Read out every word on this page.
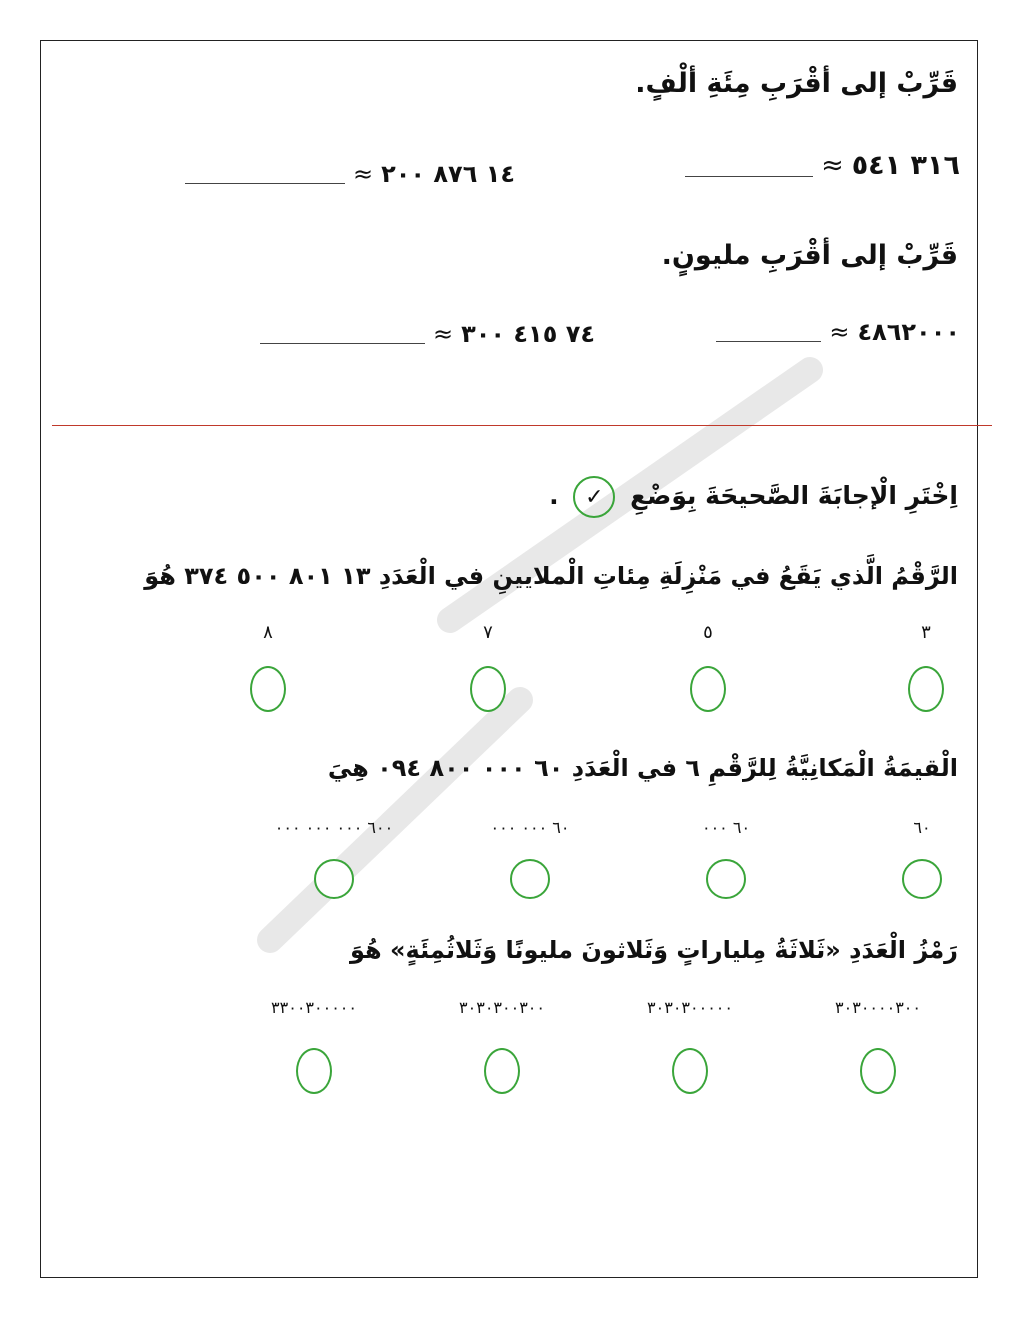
قَرِّبْ إلى أقْرَبِ مِئَةِ ألْفٍ.
≈ ٣١٦ ٥٤١
≈ ١٤ ٨٧٦ ٢٠٠
قَرِّبْ إلى أقْرَبِ مليونٍ.
≈ ٤٨٦٢٠٠٠
≈ ٧٤ ٤١٥ ٣٠٠
اِخْتَرِ الْإجابَةَ الصَّحيحَةَ بِوَضْعِ
✓
.
الرَّقْمُ الَّذي يَقَعُ في مَنْزِلَةِ مِئاتِ الْملايينِ في الْعَدَدِ ١٣ ٨٠١ ٥٠٠ ٣٧٤ هُوَ
٣
٥
٧
٨
الْقيمَةُ الْمَكانِيَّةُ لِلرَّقْمِ ٦ في الْعَدَدِ ٦٠ ٠٠٠ ٨٠٠ ٠٩٤ هِيَ
٦٠
٦٠ ٠٠٠
٦٠ ٠٠٠ ٠٠٠
٦٠٠ ٠٠٠ ٠٠٠ ٠٠٠
رَمْزُ الْعَدَدِ «ثَلاثَةُ مِلياراتٍ وَثَلاثونَ مليونًا وَثَلاثُمِئَةٍ» هُوَ
٣٠٣٠٠٠٠٣٠٠
٣٠٣٠٣٠٠٠٠٠
٣٠٣٠٣٠٠٣٠٠
٣٣٠٠٣٠٠٠٠٠
